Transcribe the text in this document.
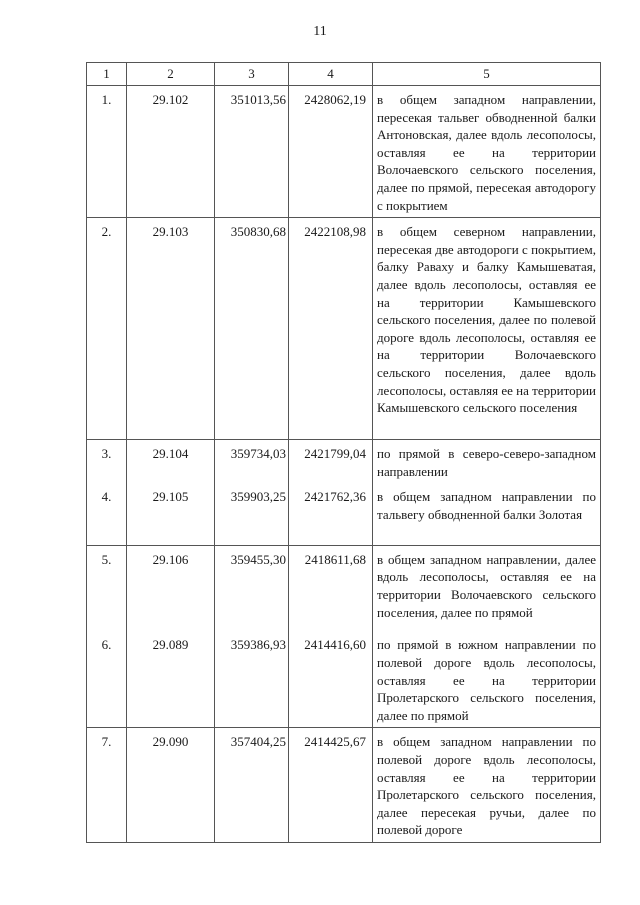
11
1	2	3	4	5
1.	29.102	351013,56	2428062,19	в общем западном направлении, пересекая тальвег обводненной балки Антоновская, далее вдоль лесополосы, оставляя ее на территории Волочаевского сельского поселения, далее по прямой, пересекая автодорогу с покрытием
2.	29.103	350830,68	2422108,98	в общем северном направлении, пересекая две автодороги с покрытием, балку Раваху и балку Камышеватая, далее вдоль лесополосы, оставляя ее на территории Камышевского сельского поселения, далее по полевой дороге вдоль лесополосы, оставляя ее на территории Волочаевского сельского поселения, далее вдоль лесополосы, оставляя ее на территории Камышевского сельского поселения
3.	29.104	359734,03	2421799,04	по прямой в северо-северо-западном направлении
4.	29.105	359903,25	2421762,36	в общем западном направлении по тальвегу обводненной балки Золотая
5.	29.106	359455,30	2418611,68	в общем западном направлении, далее вдоль лесополосы, оставляя ее на территории Волочаевского сельского поселения, далее по прямой
6.	29.089	359386,93	2414416,60	по прямой в южном направлении по полевой дороге вдоль лесополосы, оставляя ее на территории Пролетарского сельского поселения, далее по прямой
7.	29.090	357404,25	2414425,67	в общем западном направлении по полевой дороге вдоль лесополосы, оставляя ее на территории Пролетарского сельского поселения, далее пересекая ручьи, далее по полевой дороге
